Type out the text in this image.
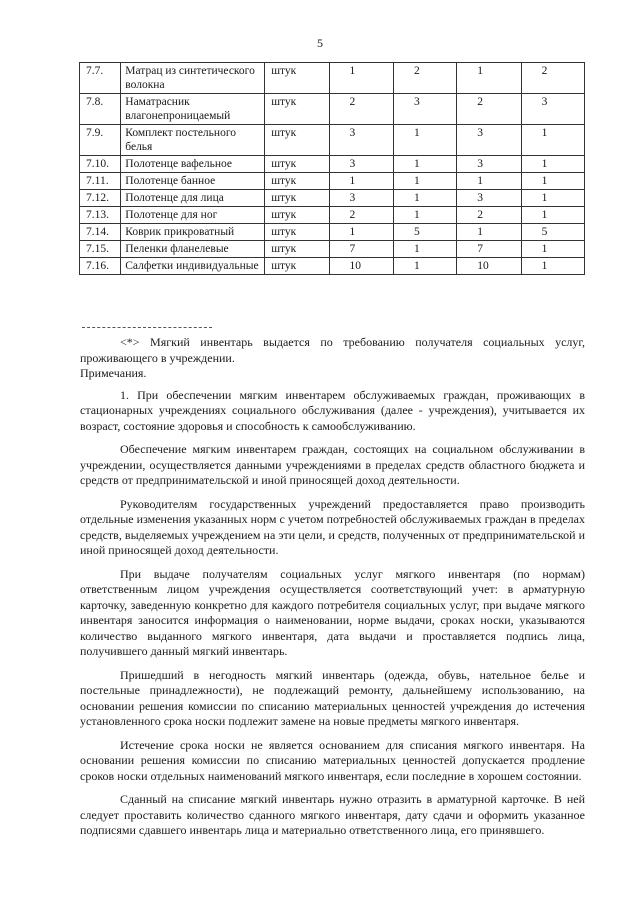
5
7.7.	Матрац из синтетического волокна	штук	1	2	1	2
7.8.	Наматрасник влагонепроницаемый	штук	2	3	2	3
7.9.	Комплект постельного белья	штук	3	1	3	1
7.10.	Полотенце вафельное	штук	3	1	3	1
7.11.	Полотенце банное	штук	1	1	1	1
7.12.	Полотенце для лица	штук	3	1	3	1
7.13.	Полотенце для ног	штук	2	1	2	1
7.14.	Коврик прикроватный	штук	1	5	1	5
7.15.	Пеленки фланелевые	штук	7	1	7	1
7.16.	Салфетки индивидуальные	штук	10	1	10	1

<*> Мягкий инвентарь выдается по требованию получателя социальных услуг, проживающего в учреждении.

Примечания.

1. При обеспечении мягким инвентарем обслуживаемых граждан, проживающих в стационарных учреждениях социального обслуживания (далее - учреждения), учитывается их возраст, состояние здоровья и способность к самообслуживанию.

Обеспечение мягким инвентарем граждан, состоящих на социальном обслуживании в учреждении, осуществляется данными учреждениями в пределах средств областного бюджета и средств от предпринимательской и иной приносящей доход деятельности.

Руководителям государственных учреждений предоставляется право производить отдельные изменения указанных норм с учетом потребностей обслуживаемых граждан в пределах средств, выделяемых учреждением на эти цели, и средств, полученных от предпринимательской и иной приносящей доход деятельности.

При выдаче получателям социальных услуг мягкого инвентаря (по нормам) ответственным лицом учреждения осуществляется соответствующий учет: в арматурную карточку, заведенную конкретно для каждого потребителя социальных услуг, при выдаче мягкого инвентаря заносится информация о наименовании, норме выдачи, сроках носки, указываются количество выданного мягкого инвентаря, дата выдачи и проставляется подпись лица, получившего данный мягкий инвентарь.

Пришедший в негодность мягкий инвентарь (одежда, обувь, нательное белье и постельные принадлежности), не подлежащий ремонту, дальнейшему использованию, на основании решения комиссии по списанию материальных ценностей учреждения до истечения установленного срока носки подлежит замене на новые предметы мягкого инвентаря.

Истечение срока носки не является основанием для списания мягкого инвентаря. На основании решения комиссии по списанию материальных ценностей допускается продление сроков носки отдельных наименований мягкого инвентаря, если последние в хорошем состоянии.

Сданный на списание мягкий инвентарь нужно отразить в арматурной карточке. В ней следует проставить количество сданного мягкого инвентаря, дату сдачи и оформить указанное подписями сдавшего инвентарь лица и материально ответственного лица, его принявшего.
